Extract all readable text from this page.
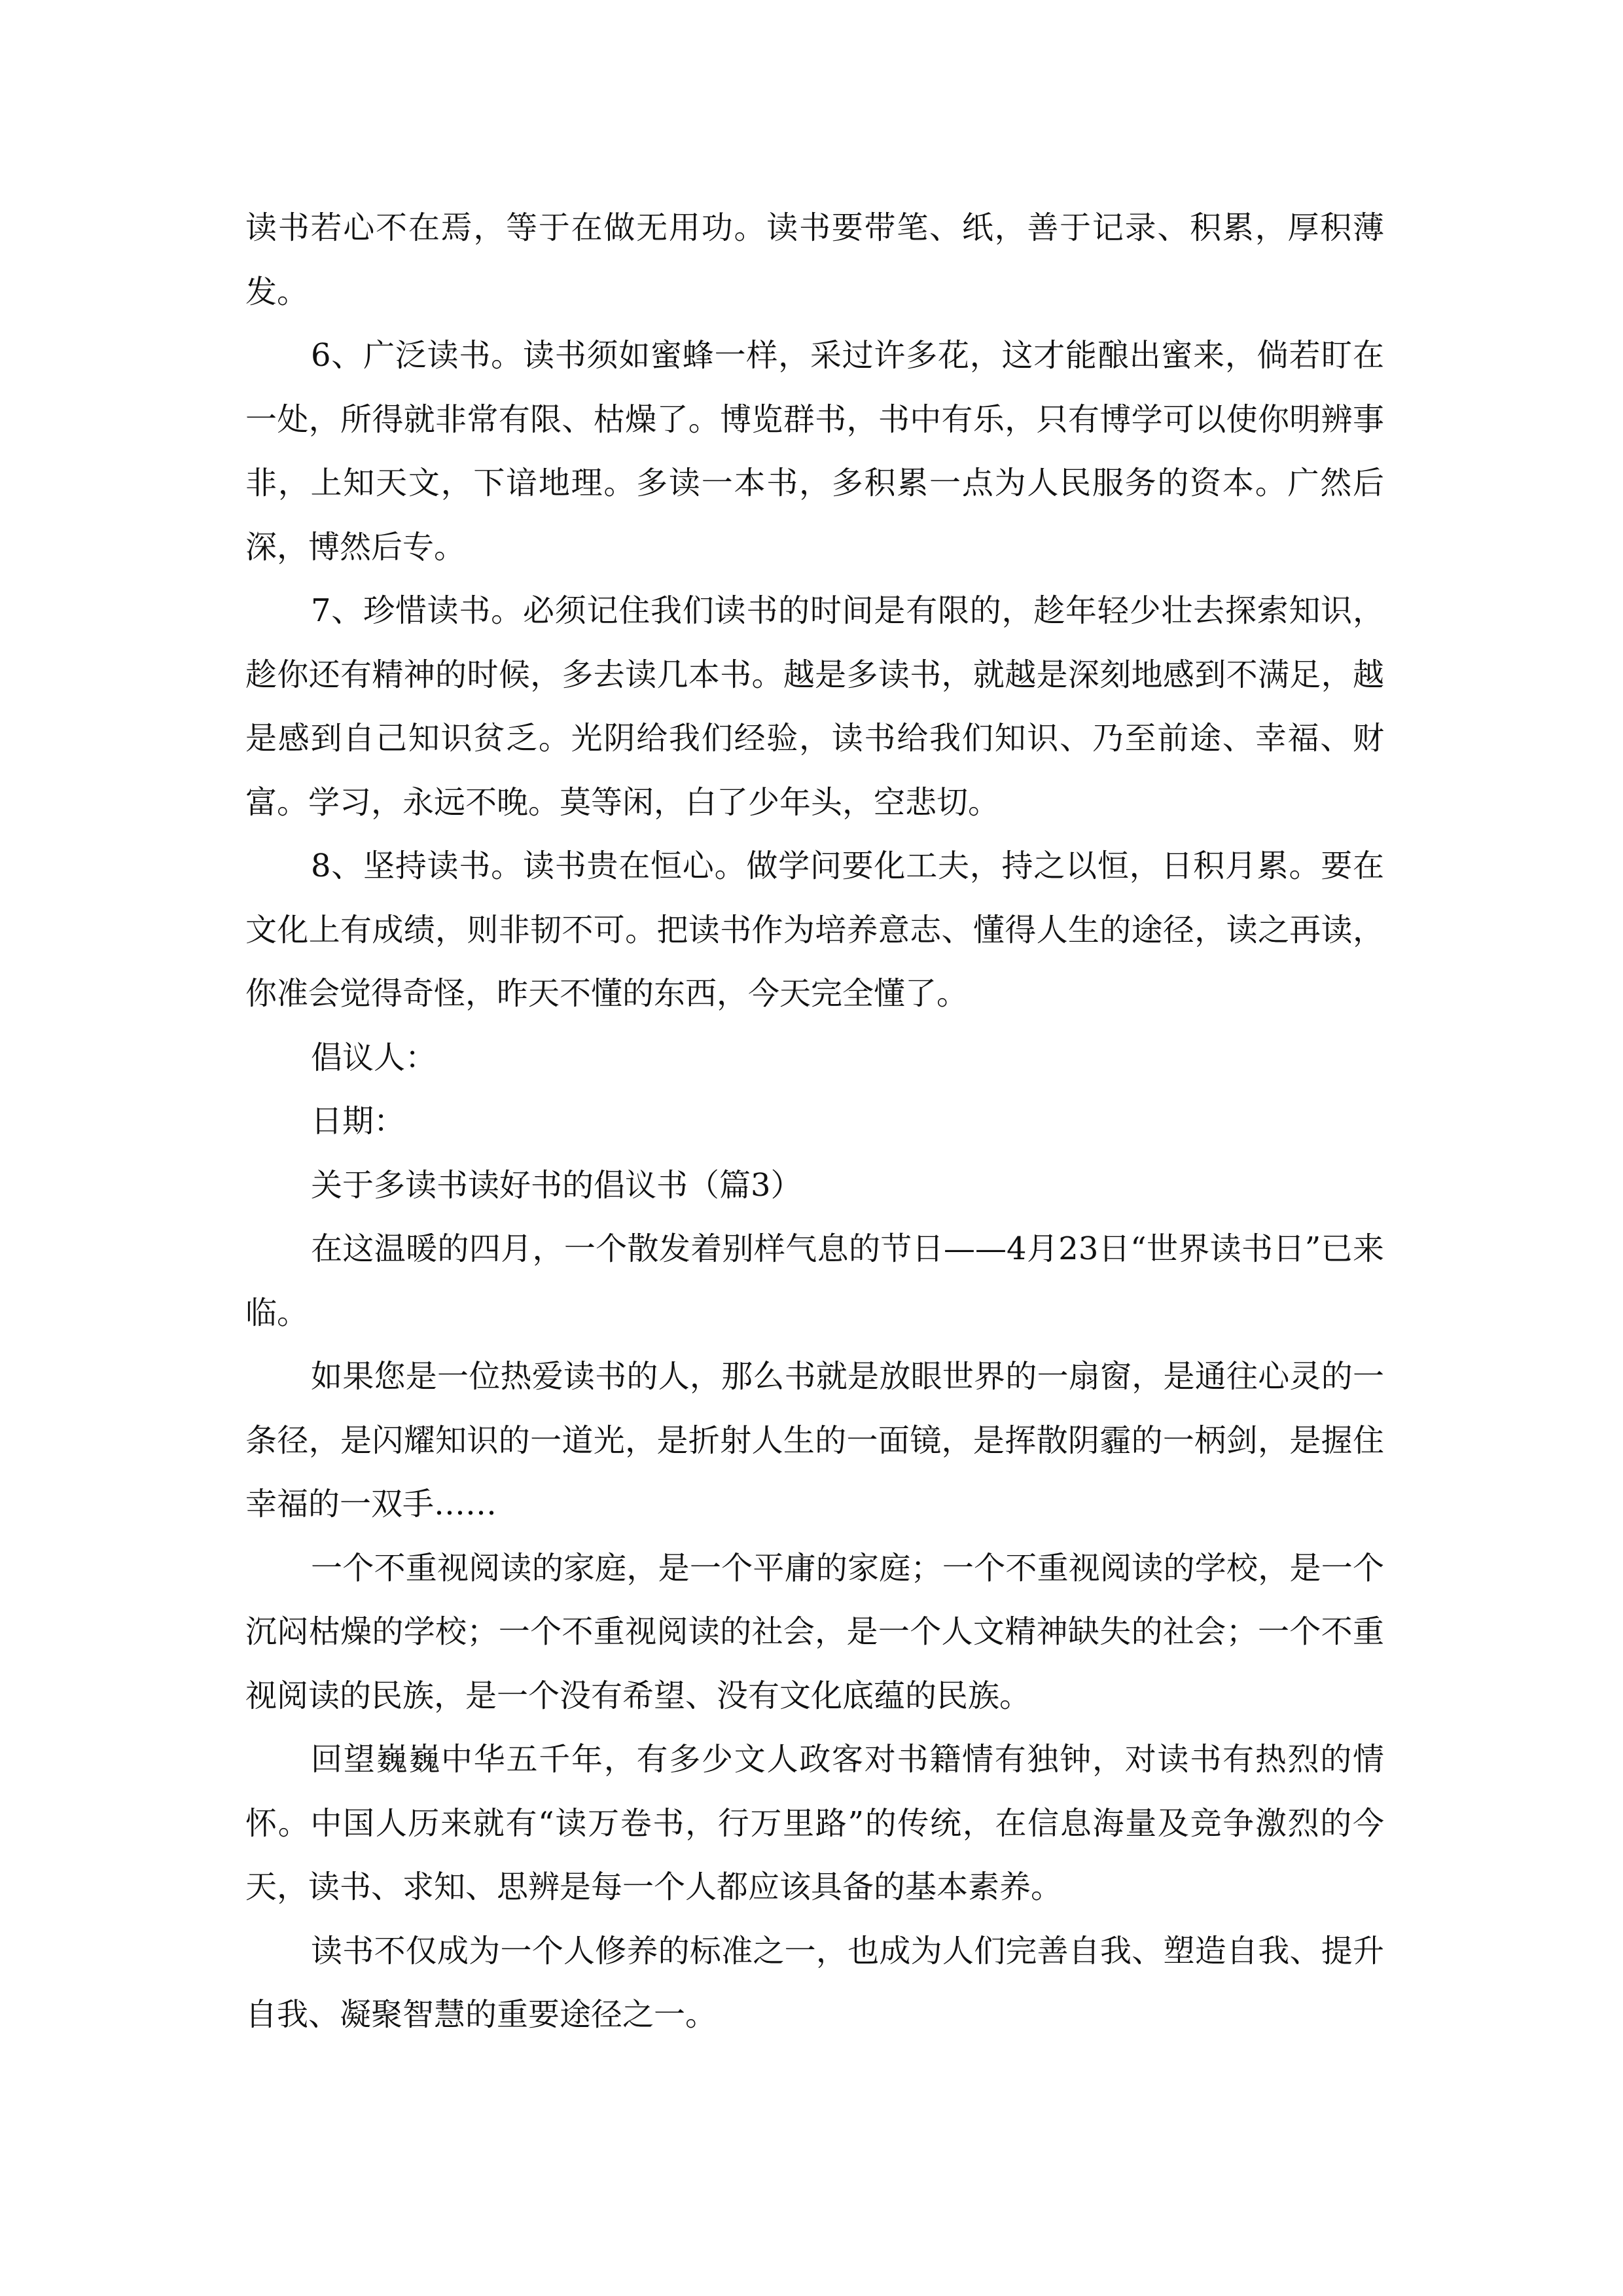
读书若心不在焉，等于在做无用功。读书要带笔、纸，善于记录、积累，厚积薄发。

6、广泛读书。读书须如蜜蜂一样，采过许多花，这才能酿出蜜来，倘若盯在一处，所得就非常有限、枯燥了。博览群书，书中有乐，只有博学可以使你明辨事非，上知天文，下谙地理。多读一本书，多积累一点为人民服务的资本。广然后深，博然后专。

7、珍惜读书。必须记住我们读书的时间是有限的，趁年轻少壮去探索知识，趁你还有精神的时候，多去读几本书。越是多读书，就越是深刻地感到不满足，越是感到自己知识贫乏。光阴给我们经验，读书给我们知识、乃至前途、幸福、财富。学习，永远不晚。莫等闲，白了少年头，空悲切。

8、坚持读书。读书贵在恒心。做学问要化工夫，持之以恒，日积月累。要在文化上有成绩，则非韧不可。把读书作为培养意志、懂得人生的途径，读之再读，你准会觉得奇怪，昨天不懂的东西，今天完全懂了。

倡议人：

日期：

关于多读书读好书的倡议书（篇3）

在这温暖的四月，一个散发着别样气息的节日——4月23日“世界读书日”已来临。

如果您是一位热爱读书的人，那么书就是放眼世界的一扇窗，是通往心灵的一条径，是闪耀知识的一道光，是折射人生的一面镜，是挥散阴霾的一柄剑，是握住幸福的一双手……

一个不重视阅读的家庭，是一个平庸的家庭；一个不重视阅读的学校，是一个沉闷枯燥的学校；一个不重视阅读的社会，是一个人文精神缺失的社会；一个不重视阅读的民族，是一个没有希望、没有文化底蕴的民族。

回望巍巍中华五千年，有多少文人政客对书籍情有独钟，对读书有热烈的情怀。中国人历来就有“读万卷书，行万里路”的传统，在信息海量及竞争激烈的今天，读书、求知、思辨是每一个人都应该具备的基本素养。

读书不仅成为一个人修养的标准之一，也成为人们完善自我、塑造自我、提升自我、凝聚智慧的重要途径之一。
